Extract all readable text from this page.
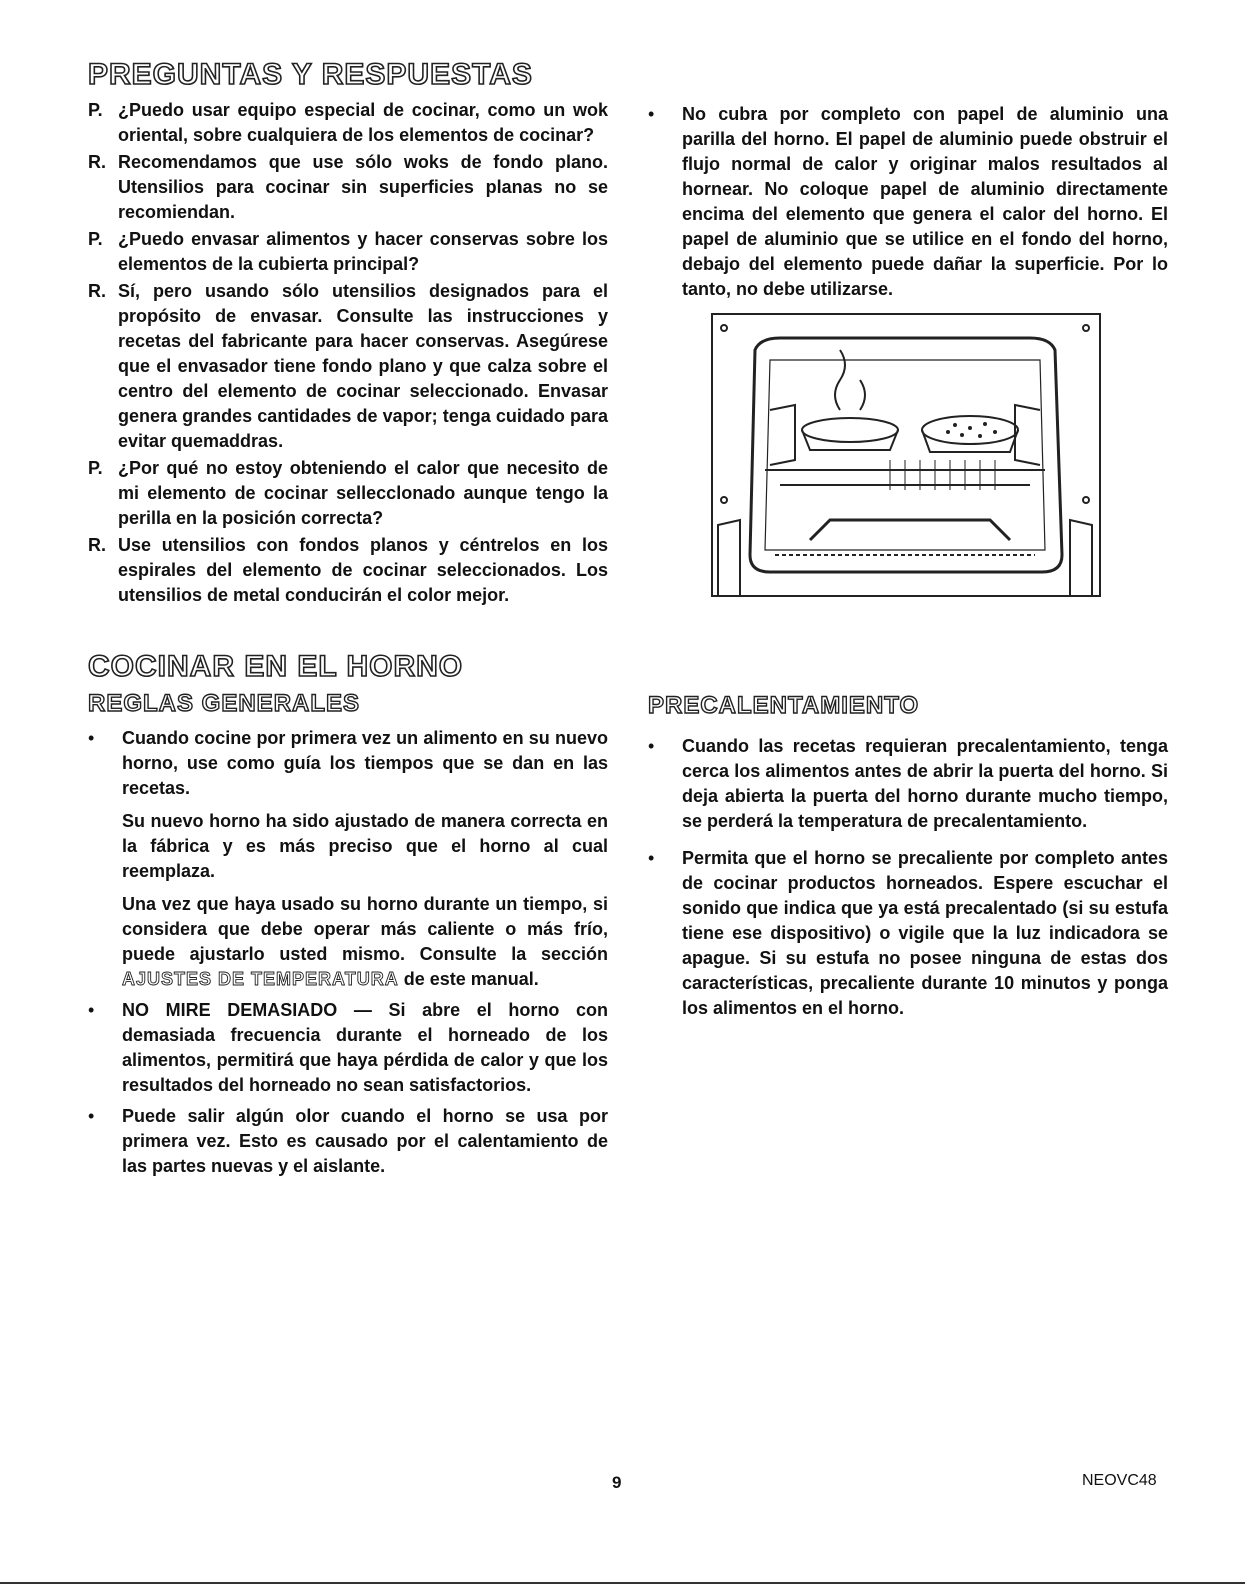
PREGUNTAS Y RESPUESTAS
P. ¿Puedo usar equipo especial de cocinar, como un wok oriental, sobre cualquiera de los elementos de cocinar?
R. Recomendamos que use sólo woks de fondo plano. Utensilios para cocinar sin superficies planas no se recomiendan.
P. ¿Puedo envasar alimentos y hacer conservas sobre los elementos de la cubierta principal?
R. Sí, pero usando sólo utensilios designados para el propósito de envasar. Consulte las instrucciones y recetas del fabricante para hacer conservas. Asegúrese que el envasador tiene fondo plano y que calza sobre el centro del elemento de cocinar seleccionado. Envasar genera grandes cantidades de vapor; tenga cuidado para evitar quemaddras.
P. ¿Por qué no estoy obteniendo el calor que necesito de mi elemento de cocinar sellecclonado aunque tengo la perilla en la posición correcta?
R. Use utensilios con fondos planos y céntrelos en los espirales del elemento de cocinar seleccionados. Los utensilios de metal conducirán el color mejor.
COCINAR EN EL HORNO
REGLAS GENERALES
•	Cuando cocine por primera vez un alimento en su nuevo horno, use como guía los tiempos que se dan en las recetas.
Su nuevo horno ha sido ajustado de manera correcta en la fábrica y es más preciso que el horno al cual reemplaza.
Una vez que haya usado su horno durante un tiempo, si considera que debe operar más caliente o más frío, puede ajustarlo usted mismo. Consulte la sección AJUSTES DE TEMPERATURA de este manual.
•	NO MIRE DEMASIADO — Si abre el horno con demasiada frecuencia durante el horneado de los alimentos, permitirá que haya pérdida de calor y que los resultados del horneado no sean satisfactorios.
•	Puede salir algún olor cuando el horno se usa por primera vez. Esto es causado por el calentamiento de las partes nuevas y el aislante.
•	No cubra por completo con papel de aluminio una parilla del horno. El papel de aluminio puede obstruir el flujo normal de calor y originar malos resultados al hornear. No coloque papel de aluminio directamente encima del elemento que genera el calor del horno. El papel de aluminio que se utilice en el fondo del horno, debajo del elemento puede dañar la superficie. Por lo tanto, no debe utilizarse.
PRECALENTAMIENTO
•	Cuando las recetas requieran precalentamiento, tenga cerca los alimentos antes de abrir la puerta del horno. Si deja abierta la puerta del horno durante mucho tiempo, se perderá la temperatura de precalentamiento.
•	Permita que el horno se precaliente por completo antes de cocinar productos horneados. Espere escuchar el sonido que indica que ya está precalentado (si su estufa tiene ese dispositivo) o vigile que la luz indicadora se apague. Si su estufa no posee ninguna de estas dos características, precaliente durante 10 minutos y ponga los alimentos en el horno.
9	NEOVC48
